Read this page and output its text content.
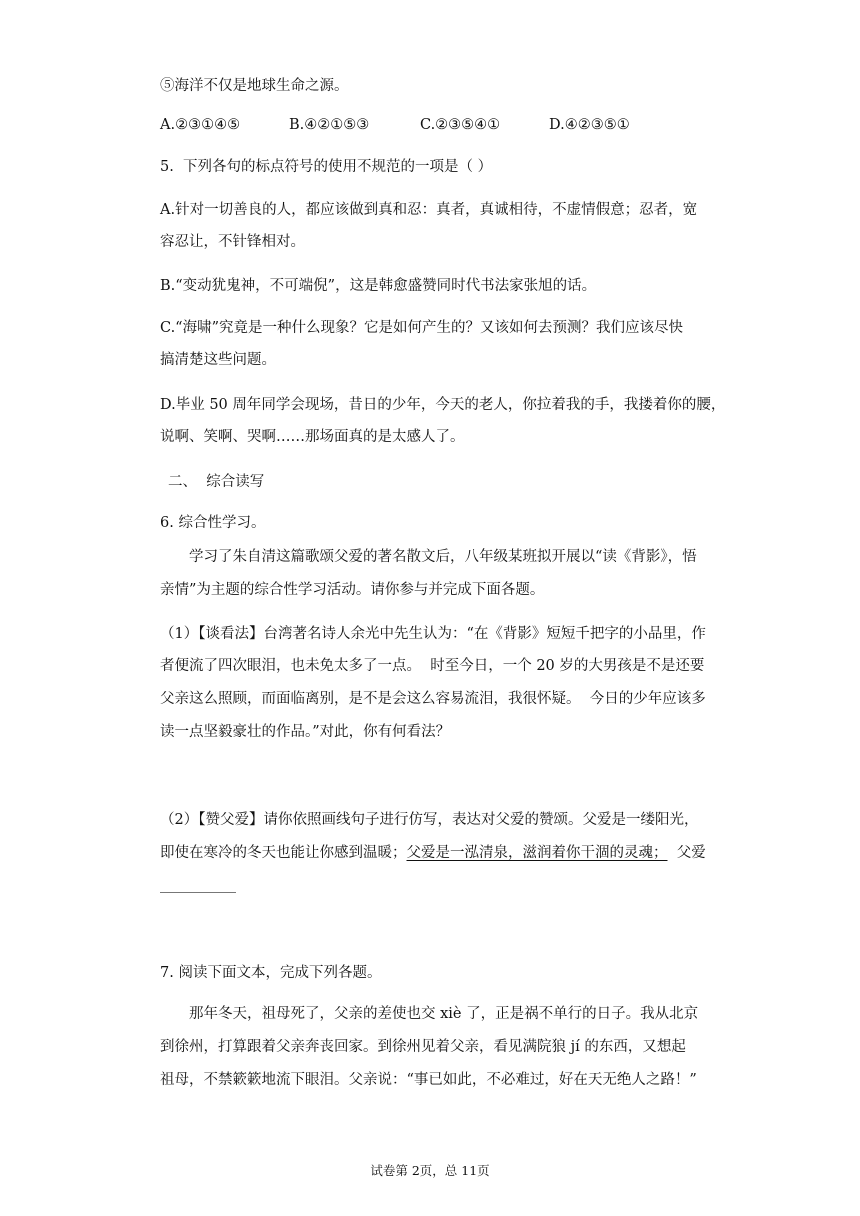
⑤海洋不仅是地球生命之源。
A.②③①④⑤	B.④②①⑤③	C.②③⑤④①	D.④②③⑤①
5.  下列各句的标点符号的使用不规范的一项是（ ）
A.针对一切善良的人，都应该做到真和忍：真者，真诚相待，不虚情假意；忍者，宽
容忍让，不针锋相对。
B.“变动犹鬼神，不可端倪”，这是韩愈盛赞同时代书法家张旭的话。
C.“海啸”究竟是一种什么现象？它是如何产生的？又该如何去预测？我们应该尽快
搞清楚这些问题。
D.毕业 50 周年同学会现场，昔日的少年，今天的老人，你拉着我的手，我搂着你的腰，
说啊、笑啊、哭啊……那场面真的是太感人了。
二、  综合读写
6. 综合性学习。
学习了朱自清这篇歌颂父爱的著名散文后，八年级某班拟开展以“读《背影》，悟
亲情”为主题的综合性学习活动。请你参与并完成下面各题。
（1）【谈看法】台湾著名诗人余光中先生认为：“在《背影》短短千把字的小品里，作
者便流了四次眼泪，也未免太多了一点。  时至今日，一个 20 岁的大男孩是不是还要
父亲这么照顾，而面临离别，是不是会这么容易流泪，我很怀疑。  今日的少年应该多
读一点坚毅豪壮的作品。”对此，你有何看法？
（2）【赞父爱】请你依照画线句子进行仿写，表达对父爱的赞颂。父爱是一缕阳光，
即使在寒冷的冬天也能让你感到温暖；父爱是一泓清泉，滋润着你干涸的灵魂；  父爱
7. 阅读下面文本，完成下列各题。
那年冬天，祖母死了，父亲的差使也交 xiè 了，正是祸不单行的日子。我从北京
到徐州，打算跟着父亲奔丧回家。到徐州见着父亲，看见满院狼 jí 的东西，又想起
祖母，不禁簌簌地流下眼泪。父亲说：“事已如此，不必难过，好在天无绝人之路！”
试卷第 2页，总 11页
